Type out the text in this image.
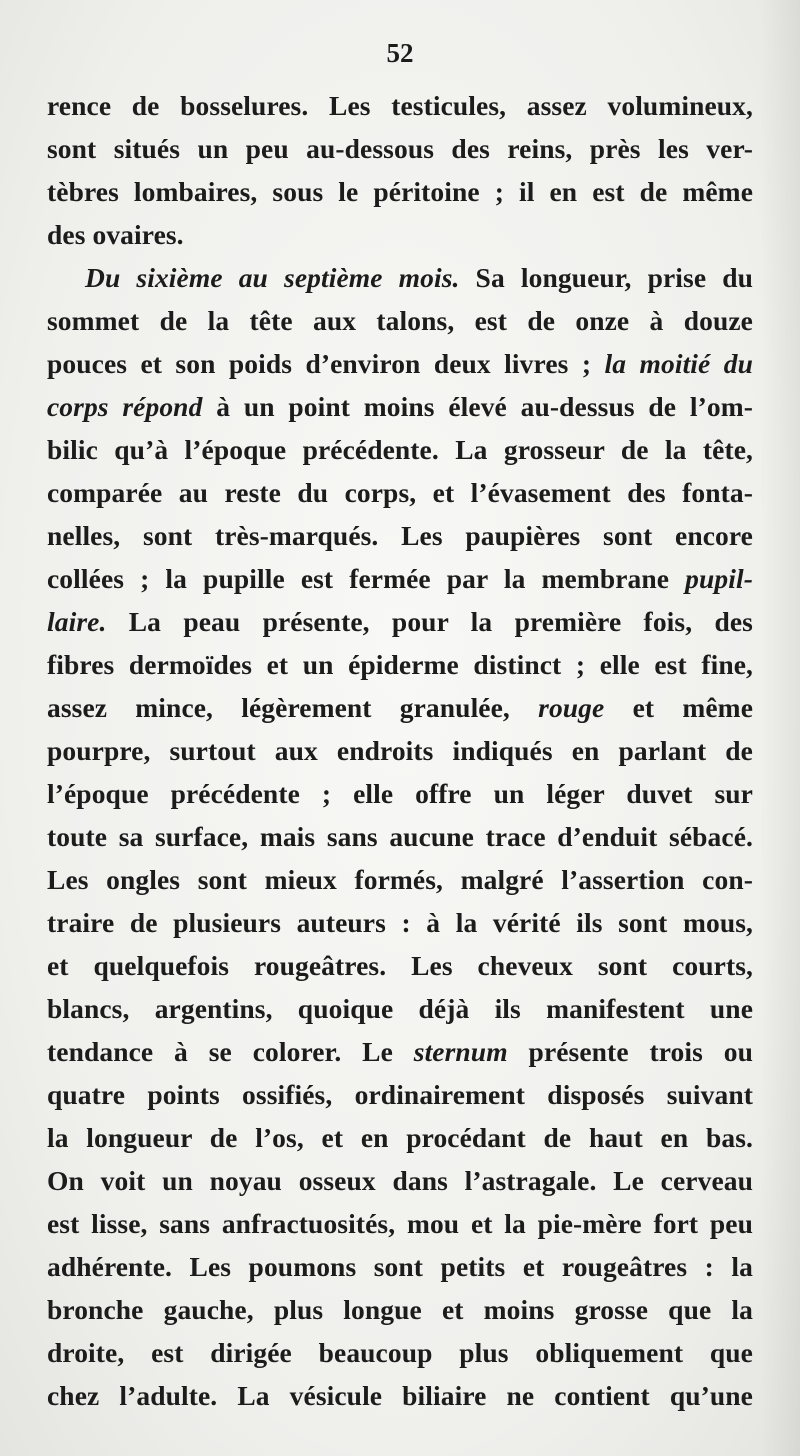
52
rence de bosselures. Les testicules, assez volumineux,
sont situés un peu au-dessous des reins, près les ver-
tèbres lombaires, sous le péritoine ; il en est de même
des ovaires.
Du sixième au septième mois. Sa longueur, prise du
sommet de la tête aux talons, est de onze à douze
pouces et son poids d’environ deux livres ; la moitié du
corps répond à un point moins élevé au-dessus de l’om-
bilic qu’à l’époque précédente. La grosseur de la tête,
comparée au reste du corps, et l’évasement des fonta-
nelles, sont très-marqués. Les paupières sont encore
collées ; la pupille est fermée par la membrane pupil-
laire. La peau présente, pour la première fois, des
fibres dermoïdes et un épiderme distinct ; elle est fine,
assez mince, légèrement granulée, rouge et même
pourpre, surtout aux endroits indiqués en parlant de
l’époque précédente ; elle offre un léger duvet sur
toute sa surface, mais sans aucune trace d’enduit sébacé.
Les ongles sont mieux formés, malgré l’assertion con-
traire de plusieurs auteurs : à la vérité ils sont mous,
et quelquefois rougeâtres. Les cheveux sont courts,
blancs, argentins, quoique déjà ils manifestent une
tendance à se colorer. Le sternum présente trois ou
quatre points ossifiés, ordinairement disposés suivant
la longueur de l’os, et en procédant de haut en bas.
On voit un noyau osseux dans l’astragale. Le cerveau
est lisse, sans anfractuosités, mou et la pie-mère fort peu
adhérente. Les poumons sont petits et rougeâtres : la
bronche gauche, plus longue et moins grosse que la
droite, est dirigée beaucoup plus obliquement que
chez l’adulte. La vésicule biliaire ne contient qu’une
